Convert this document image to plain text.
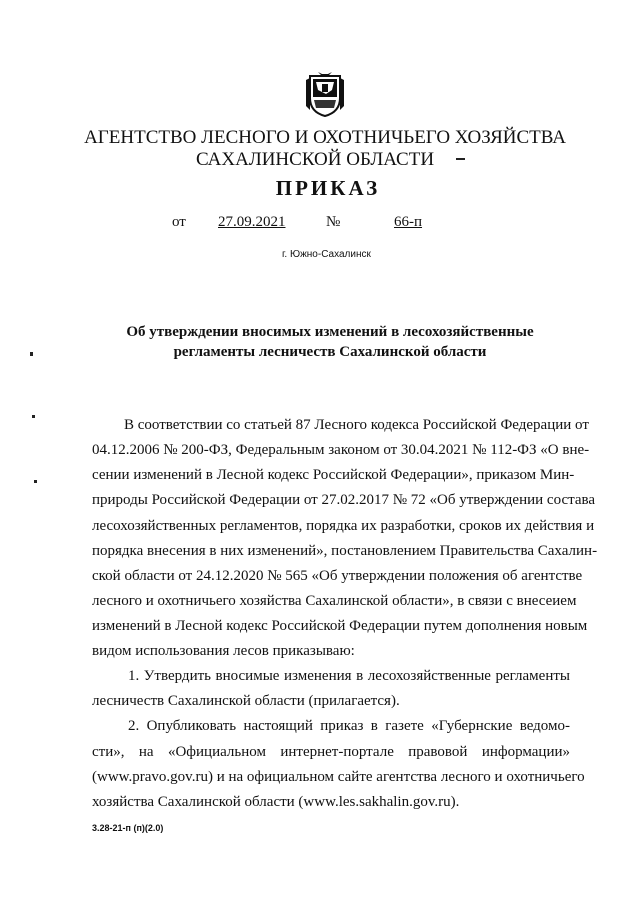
АГЕНТСТВО ЛЕСНОГО И ОХОТНИЧЬЕГО ХОЗЯЙСТВА
САХАЛИНСКОЙ ОБЛАСТИ
ПРИКАЗ
от 27.09.2021	№	66-п
г. Южно-Сахалинск
Об утверждении вносимых изменений в лесохозяйственные
регламенты лесничеств Сахалинской области
В соответствии со статьей 87 Лесного кодекса Российской Федерации от
04.12.2006 № 200-ФЗ, Федеральным законом от 30.04.2021 № 112-ФЗ «О вне-
сении изменений в Лесной кодекс Российской Федерации», приказом Мин-
природы Российской Федерации от 27.02.2017 № 72 «Об утверждении состава
лесохозяйственных регламентов, порядка их разработки, сроков их действия и
порядка внесения в них изменений», постановлением Правительства Сахалин-
ской области от 24.12.2020 № 565 «Об утверждении положения об агентстве
лесного и охотничьего хозяйства Сахалинской области», в связи с внесеием
изменений в Лесной кодекс Российской Федерации путем дополнения новым
видом использования лесов приказываю:
1. Утвердить вносимые изменения в лесохозяйственные регламенты
лесничеств Сахалинской области (прилагается).
2. Опубликовать настоящий приказ в газете «Губернские ведомо-
сти», на «Официальном интернет-портале правовой информации»
(www.pravo.gov.ru) и на официальном сайте агентства лесного и охотничьего
хозяйства Сахалинской области (www.les.sakhalin.gov.ru).
3.28-21-п (п)(2.0)
